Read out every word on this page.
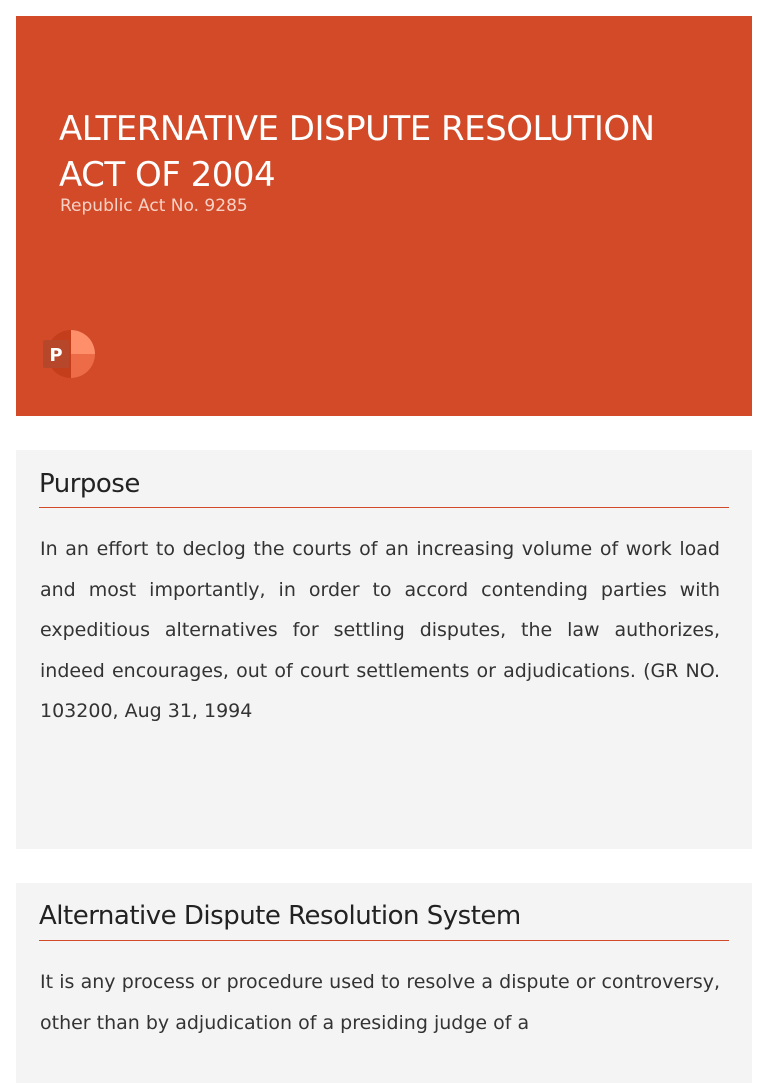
ALTERNATIVE DISPUTE RESOLUTION
ACT OF 2004

Republic Act No. 9285

P
Purpose

In an effort to declog the courts of an increasing volume of work load and most importantly, in order to accord contending parties with expeditious alternatives for settling disputes, the law authorizes, indeed encourages, out of court settlements or adjudications. (GR NO. 103200, Aug 31, 1994

Alternative Dispute Resolution System

It is any process or procedure used to resolve a dispute or controversy, other than by adjudication of a presiding judge of a
